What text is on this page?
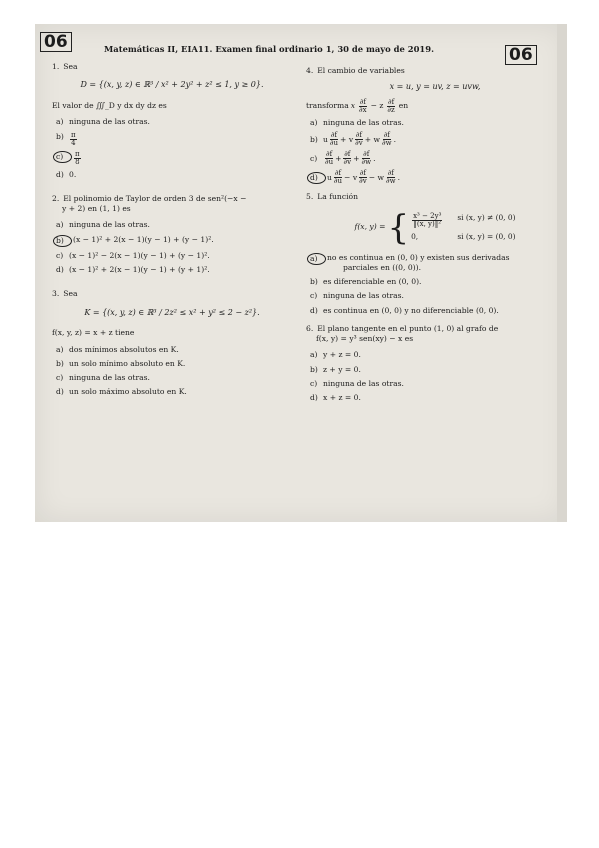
06	Matemáticas II, EIA11. Examen final ordinario 1, 30 de mayo de 2019.	06
1. Sea
D = {(x, y, z) ∈ ℝ³ / x² + 2y² + z² ≤ 1, y ≥ 0}.
El valor de ∭_D y dx dy dz es
a) ninguna de las otras.
$b) \frac{\pi}{4}$
c)	$\frac{\pi}{8}$
d) 0.
2. El polinomio de Taylor de orden 3 de sen²(−x −
y + 2) en (1, 1) es
a) ninguna de las otras.
b)	(x − 1)² + 2(x − 1)(y − 1) + (y − 1)².
c) (x − 1)² − 2(x − 1)(y − 1) + (y − 1)².
d) (x − 1)² + 2(x − 1)(y − 1) + (y + 1)².
3. Sea
K = {(x, y, z) ∈ ℝ³ / 2z² ≤ x² + y² ≤ 2 − z²}.
f(x, y, z) = x + z tiene
a) dos mínimos absolutos en K.
b) un solo mínimo absoluto en K.
c) ninguna de las otras.
d) un solo máximo absoluto en K.
4. El cambio de variables
x = u, y = uv, z = uvw,
transforma x $\frac{\partial f}{\partial x} - z \frac{\partial f}{\partial z}$ en
a) ninguna de las otras.
b) u $\frac{\partial f}{\partial u} + v \frac{\partial f}{\partial v} + w \frac{\partial f}{\partial w}$ .
$c) \frac{\partial f}{\partial u} + \frac{\partial f}{\partial v} + \frac{\partial f}{\partial w}$ .
d)	u $\frac{\partial f}{\partial u} - v \frac{\partial f}{\partial v} - w \frac{\partial f}{\partial w}$ .
5. La función
f(x, y) = { $\frac{\text{x³ − 2y³}}{\text{‖(x, y)‖²}}$ si (x, y) ≠ (0, 0)
0,	si (x, y) = (0, 0)
a)	no es continua en (0, 0) y existen sus derivadas
parciales en ((0, 0)).
b) es diferenciable en (0, 0).
c) ninguna de las otras.
d) es continua en (0, 0) y no diferenciable (0, 0).
6. El plano tangente en el punto (1, 0) al grafo de
f(x, y) = y³ sen(xy) − x es
a) y + z = 0.
b) z + y = 0.
c) ninguna de las otras.
d) x + z = 0.
